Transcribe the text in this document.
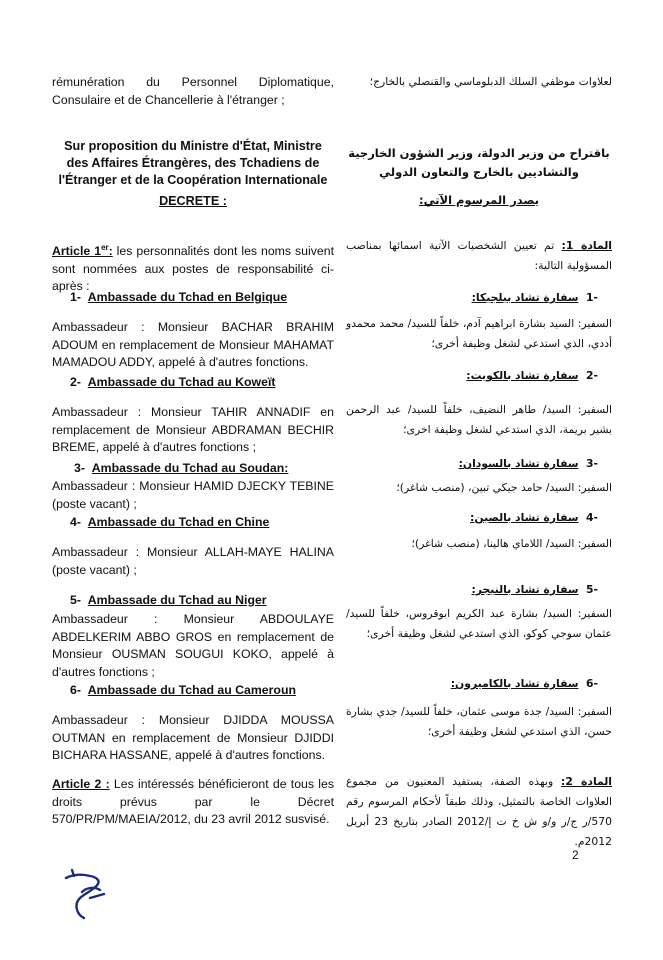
rémunération du Personnel Diplomatique, Consulaire et de Chancellerie à l'étranger ;
لعلاوات موظفي السلك الدبلوماسي والقنصلي بالخارج؛
Sur proposition du Ministre d'État, Ministre des Affaires Étrangères, des Tchadiens de l'Étranger et de la Coopération Internationale
باقتراح من وزير الدولة، وزير الشؤون الخارجية والتشاديين بالخارج والتعاون الدولي
DECRETE :	يصدر المرسوم الآتي:
Article 1er: les personnalités dont les noms suivent sont nommées aux postes de responsabilité ci-après :
المادة 1: تم تعيين الشخصيات الآتية اسمائها بمناصب المسؤولية التالية:
1- Ambassade du Tchad en Belgique
Ambassadeur : Monsieur BACHAR BRAHIM ADOUM en remplacement de Monsieur MAHAMAT MAMADOU ADDY, appelé à d'autres fonctions.
-1  سفارة تشاد ببلجيكا:
السفير: السيد بشارة ابراهيم آدم، خلفاً للسيد/ محمد محمدو أددي، الذي استدعي لشغل وظيفة أخرى؛
2- Ambassade du Tchad au Koweït
Ambassadeur : Monsieur TAHIR ANNADIF en remplacement de Monsieur ABDRAMAN BECHIR BREME, appelé à d'autres fonctions ;
-2  سفارة تشاد بالكويت:
السفير: السيد/ طاهر النضيف، خلفاً للسيد/ عبد الرحمن بشير بريمة، الذي استدعي لشغل وظيفة اخرى؛
3- Ambassade du Tchad au Soudan:
Ambassadeur : Monsieur HAMID DJECKY TEBINE (poste vacant) ;
-3  سفارة تشاد بالسودان:
السفير: السيد/ حامد جيكي تبين، (منصب شاغر)؛
4- Ambassade du Tchad en Chine
Ambassadeur : Monsieur ALLAH-MAYE HALINA (poste vacant) ;
-4  سفارة تشاد بالصين:
السفير: السيد/ اللاماي هالينا، (منصب شاغر)؛
5- Ambassade du Tchad au Niger
Ambassadeur : Monsieur ABDOULAYE ABDELKERIM ABBO GROS en remplacement de Monsieur OUSMAN SOUGUI KOKO, appelé à d'autres fonctions ;
-5  سفارة تشاد بالنيجر:
السفير: السيد/ بشارة عبد الكريم ابوقروس، خلفاً للسيد/ عثمان سوجي كوكو، الذي استدعي لشغل وظيفة أخرى؛
6- Ambassade du Tchad au Cameroun
Ambassadeur : Monsieur DJIDDA MOUSSA OUTMAN en remplacement de Monsieur DJIDDI BICHARA HASSANE, appelé à d'autres fonctions.
-6  سفارة تشاد بالكاميرون:
السفير: السيد/ جدة موسى عثمان، خلفاً للسيد/ جدي بشارة حسن، الذي استدعي لشغل وظيفة أخرى؛
Article 2 : Les intéressés bénéficieront de tous les droits prévus par le Décret 570/PR/PM/MAEIA/2012, du 23 avril 2012 susvisé.
المادة 2: وبهذه الصفة، يستفيد المعنيون من مجموع العلاوات الخاصة بالتمثيل، وذلك طبقاً لأحكام المرسوم رقم 570/ر ج/ر و/و ش خ ت إ/2012 الصادر بتاريخ 23 أبريل 2012م.
2
